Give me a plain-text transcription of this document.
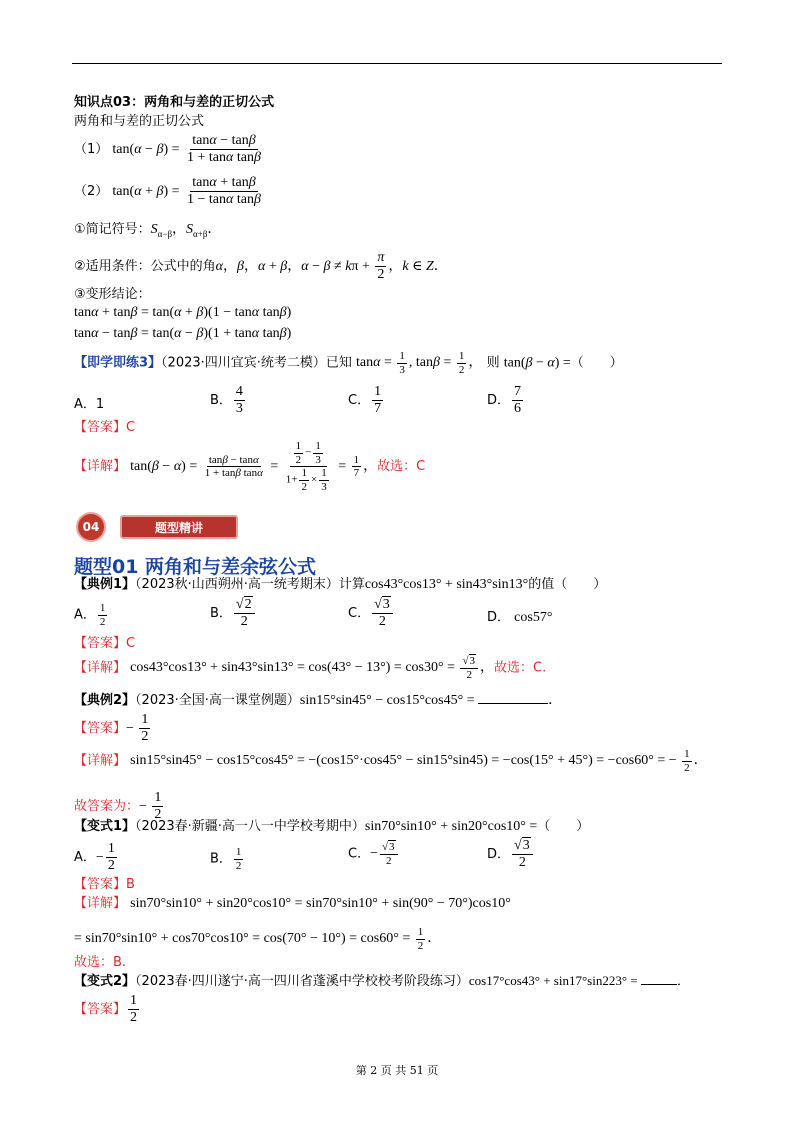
知识点03：两角和与差的正切公式
两角和与差的正切公式
（1） $\tan(\alpha - \beta) = \frac{\tan\alpha - \tan\beta}{\text{1 + tanα tanβ}}$
（2） $\tan(\alpha + \beta) = \frac{\tan\alpha + \tan\beta}{\text{1 − tanα tanβ}}$
①简记符号：$S_{\alpha-\beta}$，$S_{\alpha+\beta}$．
②适用条件：公式中的角α，β，α + β，$\alpha - \beta \ne k\pi + \frac{\pi}{2}$ ，k ∈ Z．
③变形结论：
tanα + tanβ = tan(α + β)(1 − tanα tanβ)
tanα − tanβ = tan(α − β)(1 + tanα tanβ)
【即学即练3】（2023·四川宜宾·统考二模）已知 $\tan\alpha = \frac{1}{3}$ , $\tan\beta = \frac{1}{2}$ ， 则 tan(β − α) =（　　）
A．1	B． $\frac{4}{3}$	C． $\frac{1}{7}$	D． $\frac{7}{6}$
【答案】C
【详解】 $\tan(\beta - \alpha) = \frac{\tan\beta - \tan\alpha}{\text{1 + tanβ tanα}} = \frac{\frac{1}{2} - \frac{1}{3}}{1+ \frac{1}{2} \times \frac{1}{3}} = \frac{1}{7}$ ，故选：C
04	题型精讲
题型01 两角和与差余弦公式
【典例1】（2023秋·山西朔州·高一统考期末）计算cos43°cos13° + sin43°sin13°的值（　　）
A． $\frac{1}{2}$	B． $\frac{√2}{2}$	C． $\frac{√3}{2}$	D． cos57°
【答案】C
【详解】 $\cos 43^\circ\cos 13^\circ + \sin 43^\circ\sin 13^\circ = \cos(43^\circ - 13^\circ) = \cos 30^\circ = \frac{√3}{2}$ ，故选：C.
【典例2】（2023·全国·高一课堂例题）sin15°sin45° − cos15°cos45° =	．
【答案】− $\frac{1}{2}$
【详解】 sin15°sin45° − cos15°cos45° = −(cos15°·cos45° − sin15°sin45) = −cos(15° + 45°) = −cos60° = − $\frac{1}{2}$ ．
故答案为：− $\frac{1}{2}$
【变式1】（2023春·新疆·高一八一中学校考期中）sin70°sin10° + sin20°cos10° =（　　）
A．− $\frac{1}{2}$	B． $\frac{1}{2}$	C．− $\frac{√3}{2}$	D． $\frac{√3}{2}$
【答案】B
【详解】 sin70°sin10° + sin20°cos10° = sin70°sin10° + sin(90° − 70°)cos10°
= $\sin 70^\circ\sin 10^\circ + \cos 70^\circ\cos 10^\circ = \cos(70^\circ - 10^\circ) = \cos 60^\circ = \frac{1}{2}$ ．
故选：B.
【变式2】（2023春·四川遂宁·高一四川省蓬溪中学校校考阶段练习）cos17°cos43° + sin17°sin223° =	．
【答案】 $\frac{1}{2}$
第 2 页 共 51 页
